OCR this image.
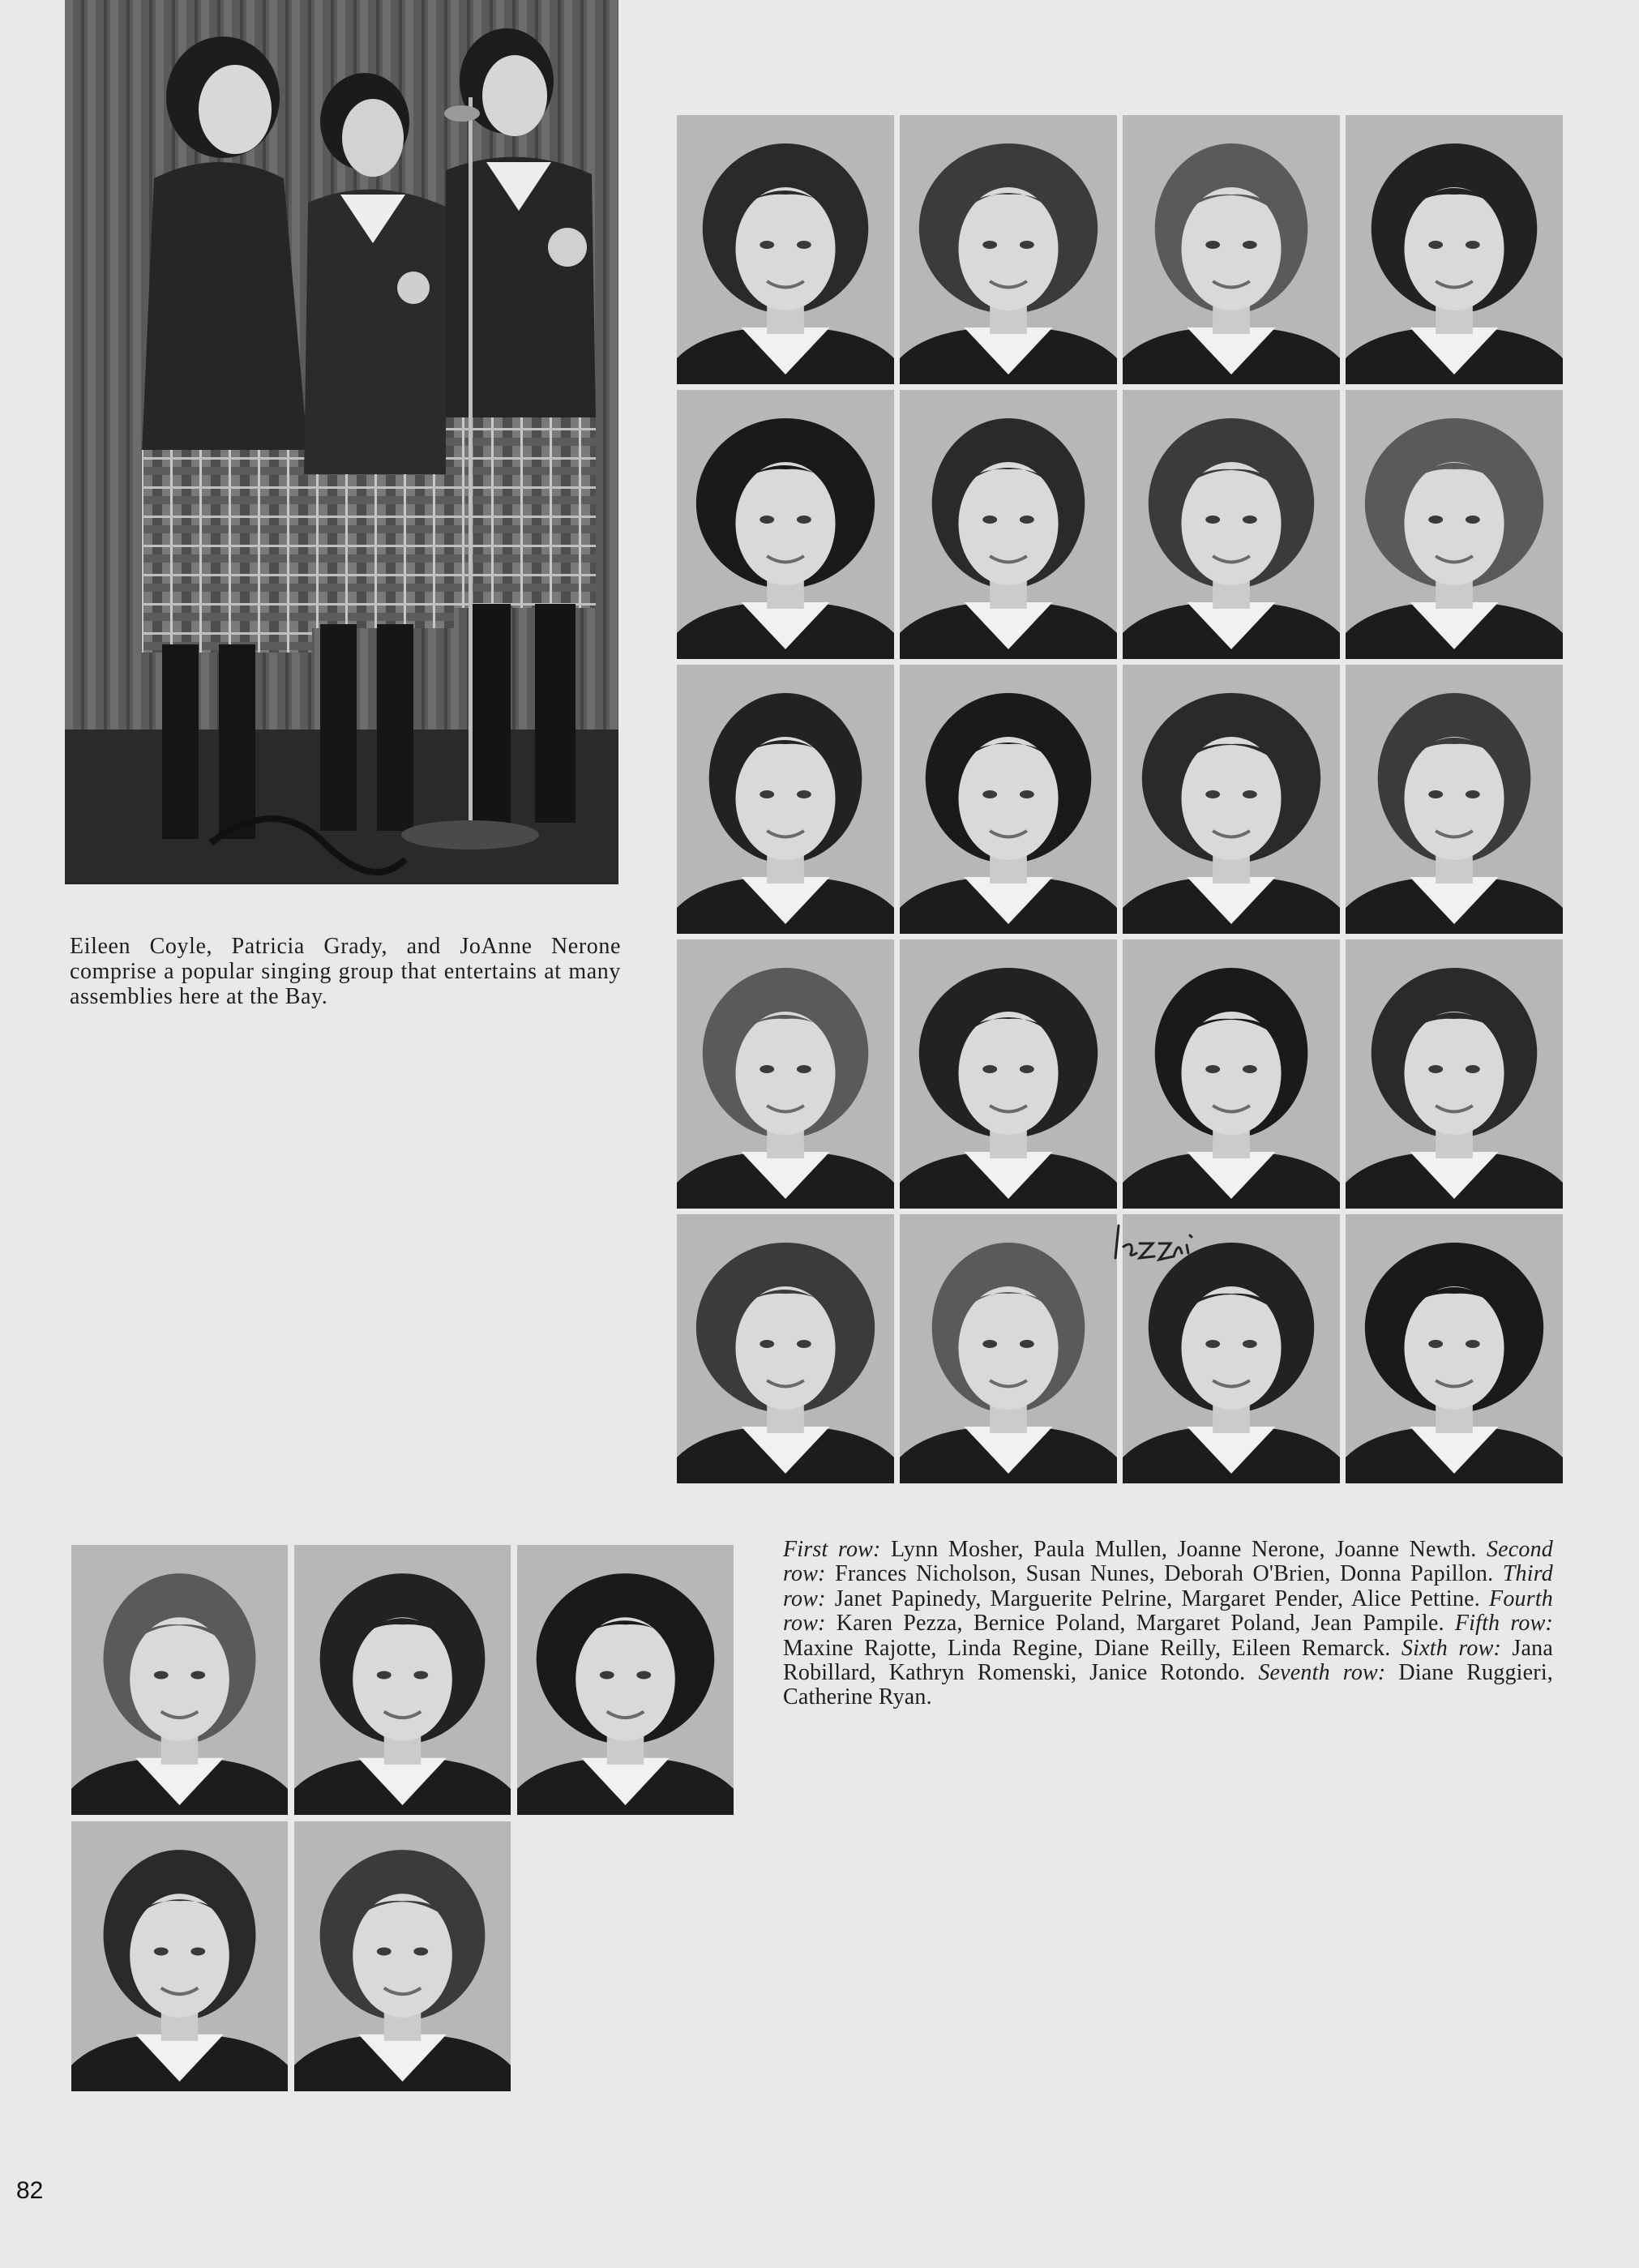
Eileen Coyle, Patricia Grady, and JoAnne Nerone comprise a popular singing group that entertains at many assemblies here at the Bay.

First row: Lynn Mosher, Paula Mullen, Joanne Nerone, Joanne Newth. Second row: Frances Nicholson, Susan Nunes, Deborah O'Brien, Donna Papillon. Third row: Janet Papinedy, Marguerite Pelrine, Margaret Pender, Alice Pettine. Fourth row: Karen Pezza, Bernice Poland, Margaret Poland, Jean Pampile. Fifth row: Maxine Rajotte, Linda Regine, Diane Reilly, Eileen Remarck. Sixth row: Jana Robillard, Kathryn Romenski, Janice Rotondo. Seventh row: Diane Ruggieri, Catherine Ryan.
82
